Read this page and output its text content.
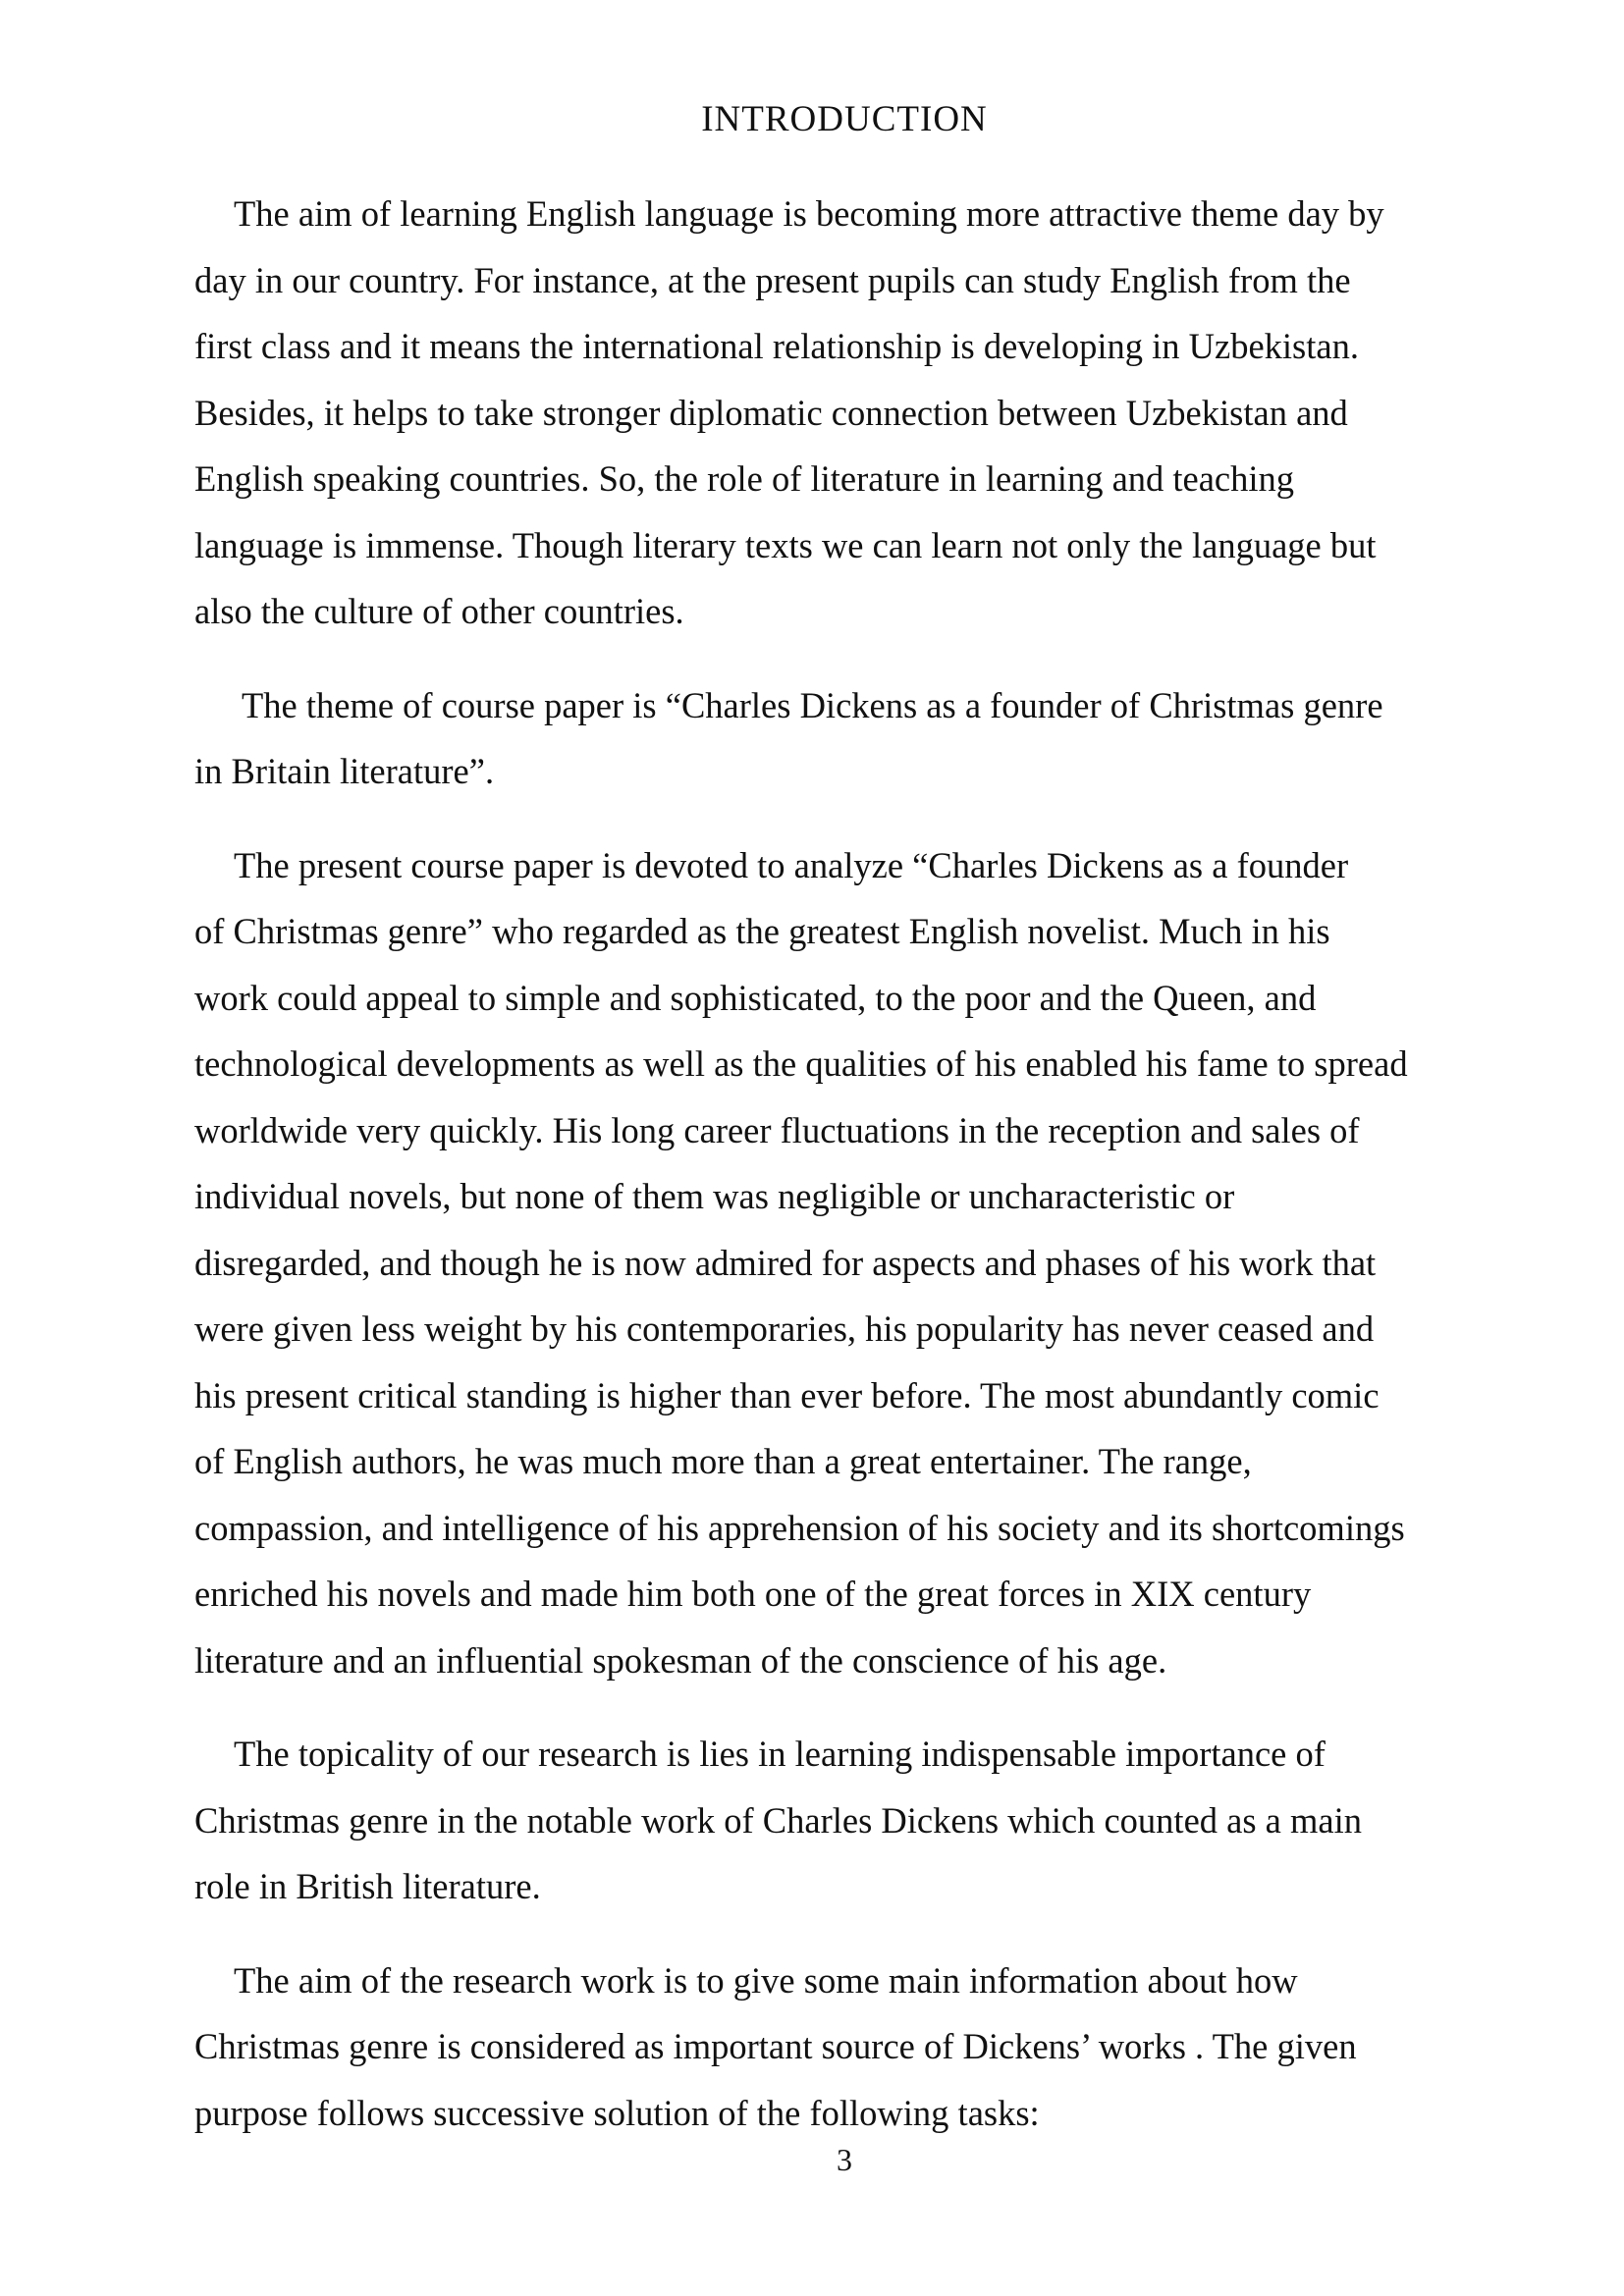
INTRODUCTION

The aim of learning English language is becoming more attractive theme day by
day in our country. For instance, at the present pupils can study English from the
first class and it means the international relationship is developing in Uzbekistan.
Besides, it helps to take stronger diplomatic connection between Uzbekistan and
English speaking countries. So, the role of literature in learning and teaching
language is immense. Though literary texts we can learn not only the language but
also the culture of other countries.

The theme of course paper is “Charles Dickens as a founder of Christmas genre
in Britain literature”.

The present course paper is devoted to analyze “Charles Dickens as a founder
of Christmas genre” who regarded as the greatest English novelist. Much in his
work could appeal to simple and sophisticated, to the poor and the Queen, and
technological developments as well as the qualities of his enabled his fame to spread
worldwide very quickly. His long career fluctuations in the reception and sales of
individual novels, but none of them was negligible or uncharacteristic or
disregarded, and though he is now admired for aspects and phases of his work that
were given less weight by his contemporaries, his popularity has never ceased and
his present critical standing is higher than ever before. The most abundantly comic
of English authors, he was much more than a great entertainer. The range,
compassion, and intelligence of his apprehension of his society and its shortcomings
enriched his novels and made him both one of the great forces in XIX century
literature and an influential spokesman of the conscience of his age.

The topicality of our research is lies in learning indispensable importance of
Christmas genre in the notable work of Charles Dickens which counted as a main
role in British literature.

The aim of the research work is to give some main information about how
Christmas genre is considered as important source of Dickens’ works . The given
purpose follows successive solution of the following tasks:

3
